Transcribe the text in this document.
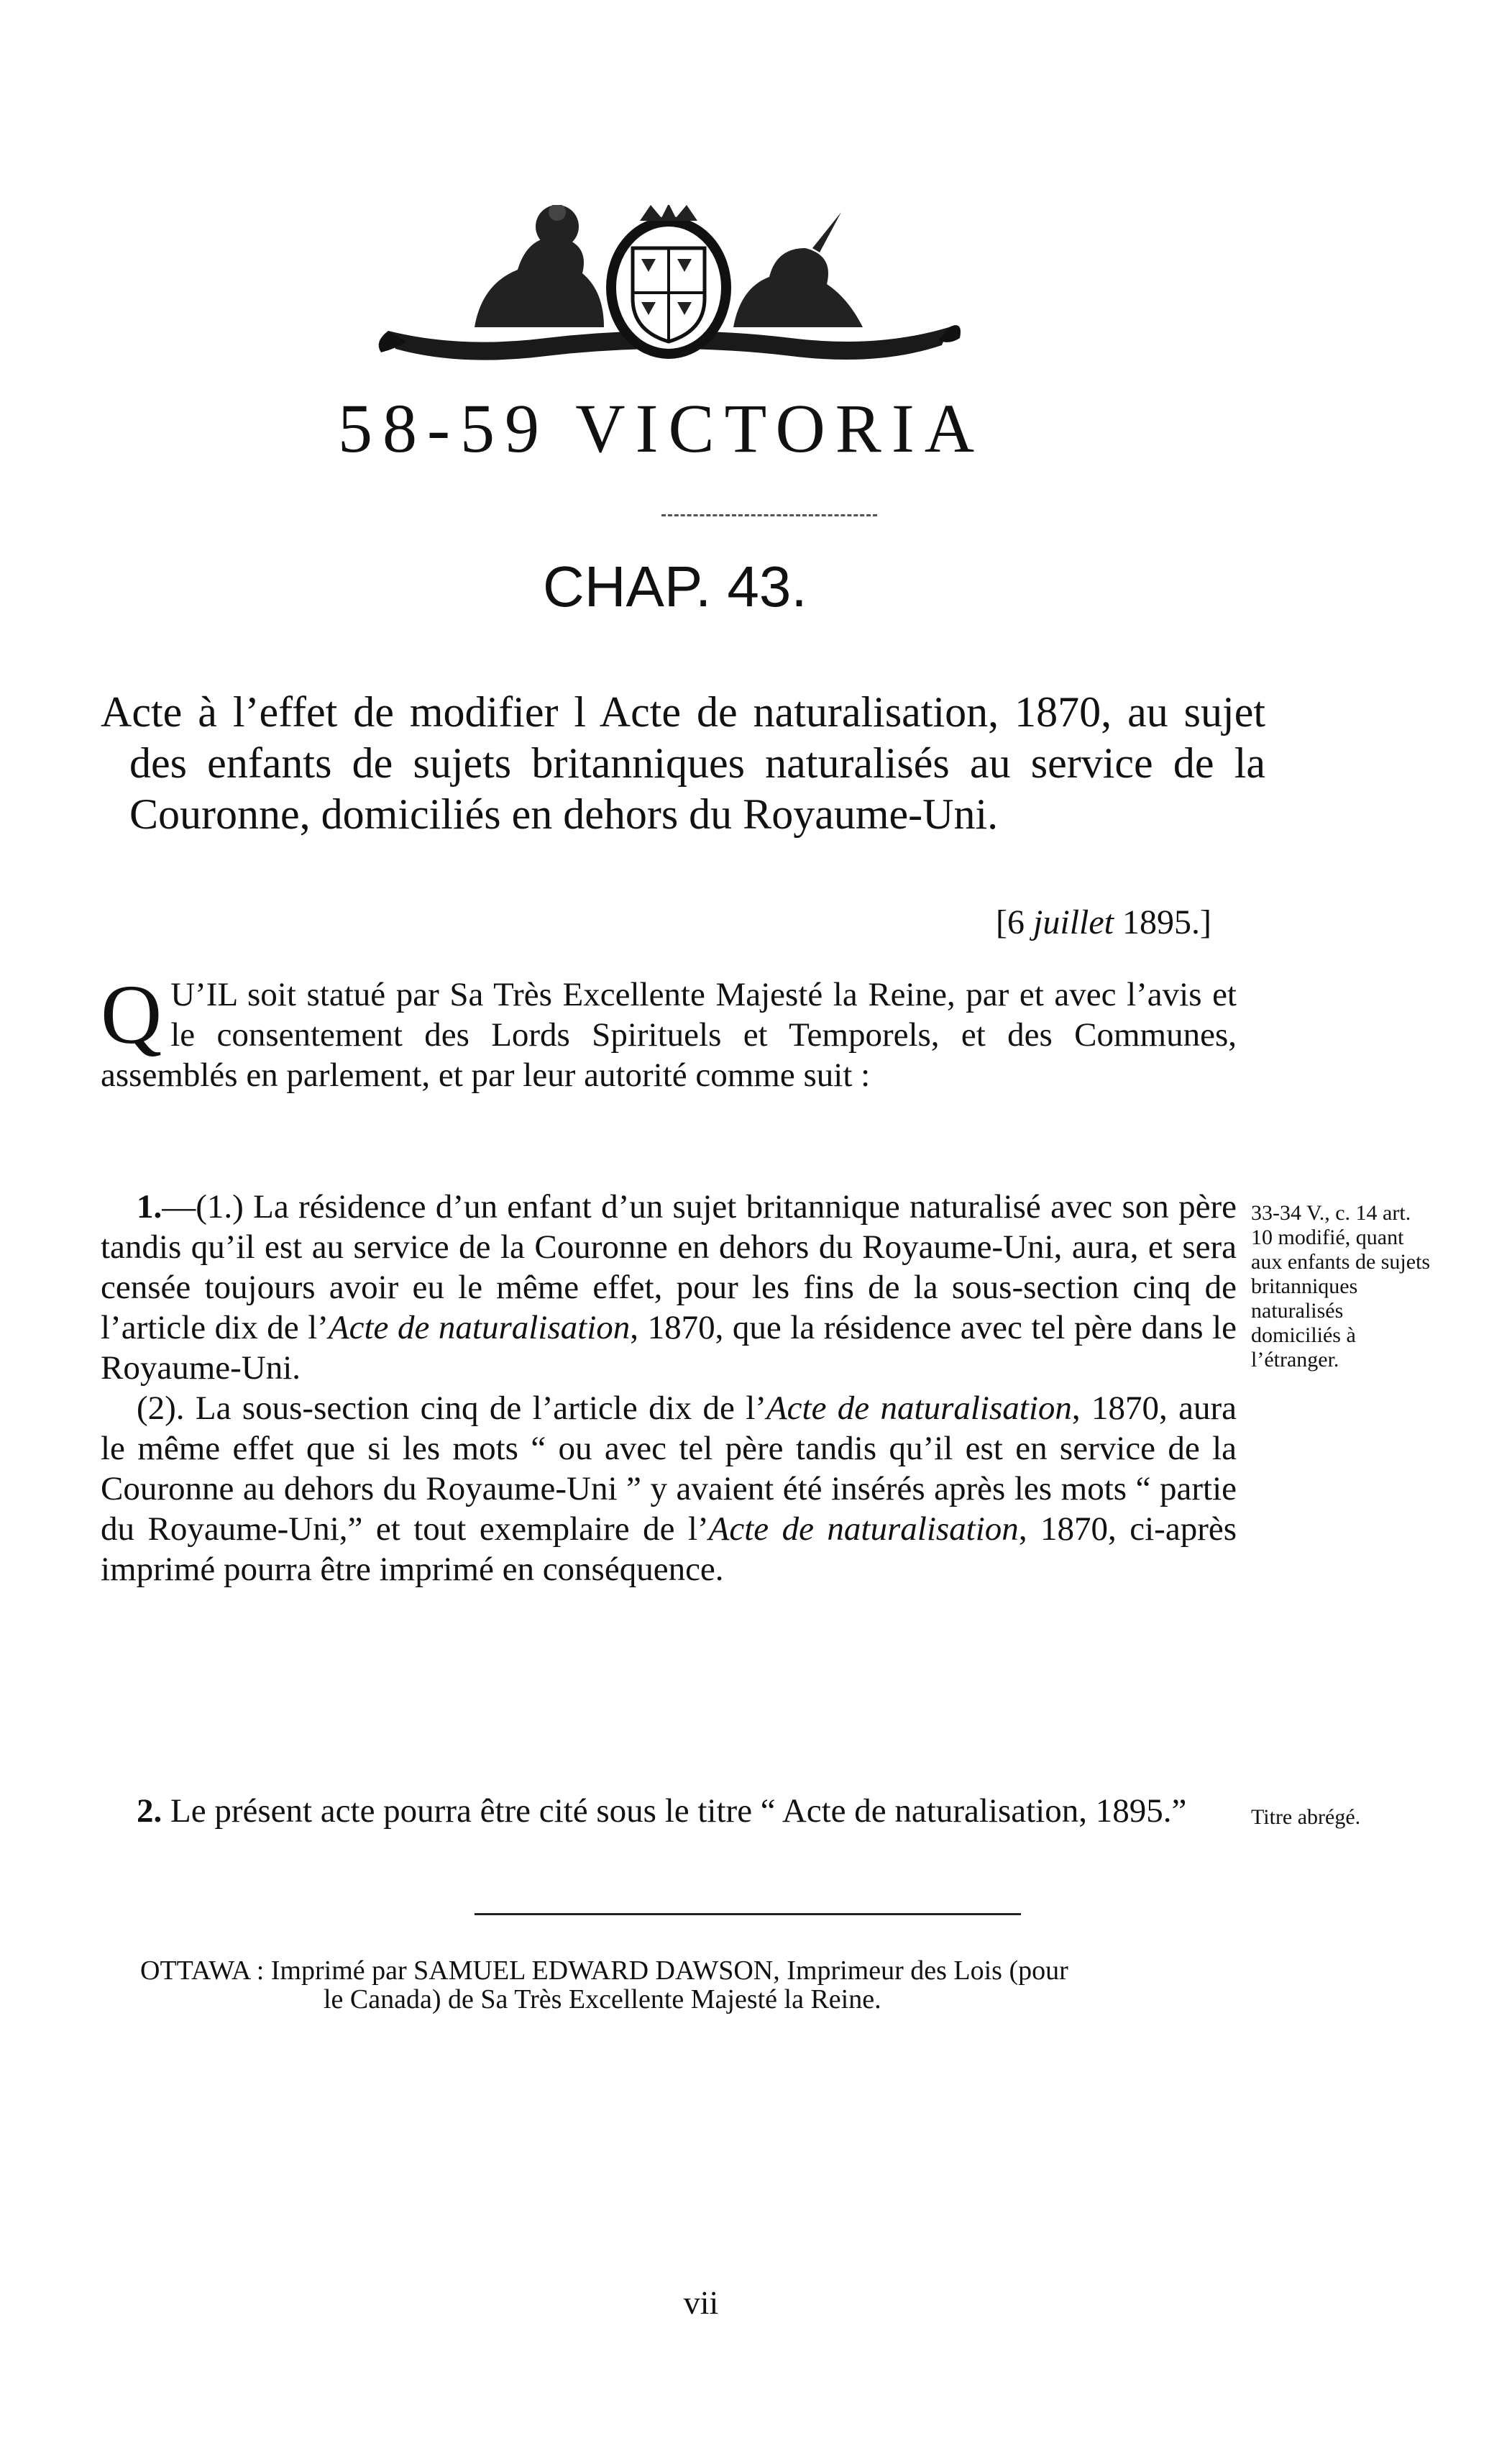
58-59 VICTORIA
CHAP. 43.
Acte à l’effet de modifier l Acte de naturalisation, 1870, au sujet des enfants de sujets britanniques naturalisés au service de la Couronne, domiciliés en dehors du Royaume-Uni.
[6 juillet 1895.]
Q U’IL soit statué par Sa Très Excellente Majesté la Reine, par et avec l’avis et le consentement des Lords Spirituels et Temporels, et des Communes, assemblés en parlement, et par leur autorité comme suit :

1.—(1.) La résidence d’un enfant d’un sujet britannique naturalisé avec son père tandis qu’il est au service de la Couronne en dehors du Royaume-Uni, aura, et sera censée toujours avoir eu le même effet, pour les fins de la sous-section cinq de l’article dix de l’Acte de naturalisation, 1870, que la résidence avec tel père dans le Royaume-Uni.

(2). La sous-section cinq de l’article dix de l’Acte de naturalisation, 1870, aura le même effet que si les mots “ ou avec tel père tandis qu’il est en service de la Couronne au dehors du Royaume-Uni ” y avaient été insérés après les mots “ partie du Royaume-Uni,” et tout exemplaire de l’Acte de naturalisation, 1870, ci-après imprimé pourra être imprimé en conséquence.

33-34 V., c. 14 art. 10 modifié, quant aux enfants de sujets britanniques naturalisés domiciliés à l’étranger.

2. Le présent acte pourra être cité sous le titre “ Acte de naturalisation, 1895.”	Titre abrégé.
OTTAWA : Imprimé par SAMUEL EDWARD DAWSON, Imprimeur des Lois (pour
le Canada) de Sa Très Excellente Majesté la Reine.
vii
